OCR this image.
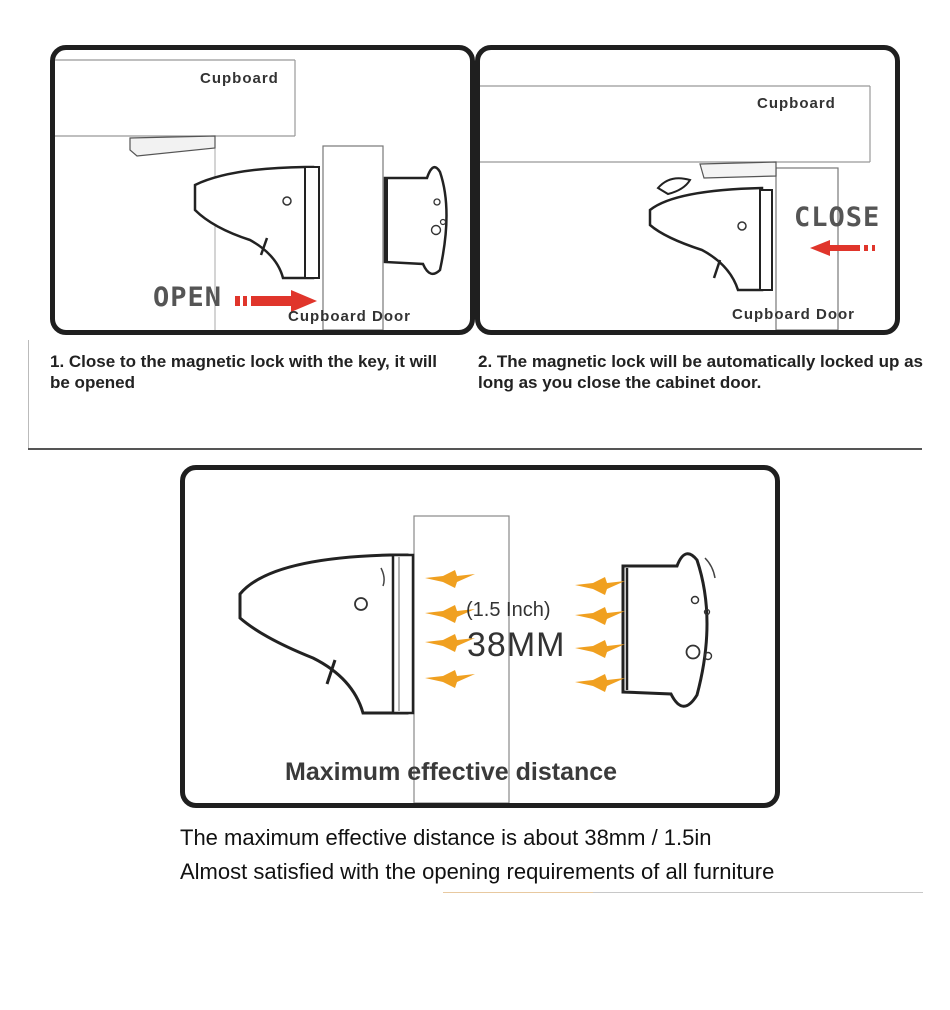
Cupboard
OPEN
Cupboard Door
Cupboard
CLOSE
Cupboard Door
1. Close to the magnetic lock with the key, it will be opened
2. The magnetic lock will be automatically locked up as long as you close the cabinet door.
(1.5 Inch)
38MM
Maximum effective distance
The maximum effective distance is about 38mm / 1.5in
Almost satisfied with the opening requirements of all furniture
